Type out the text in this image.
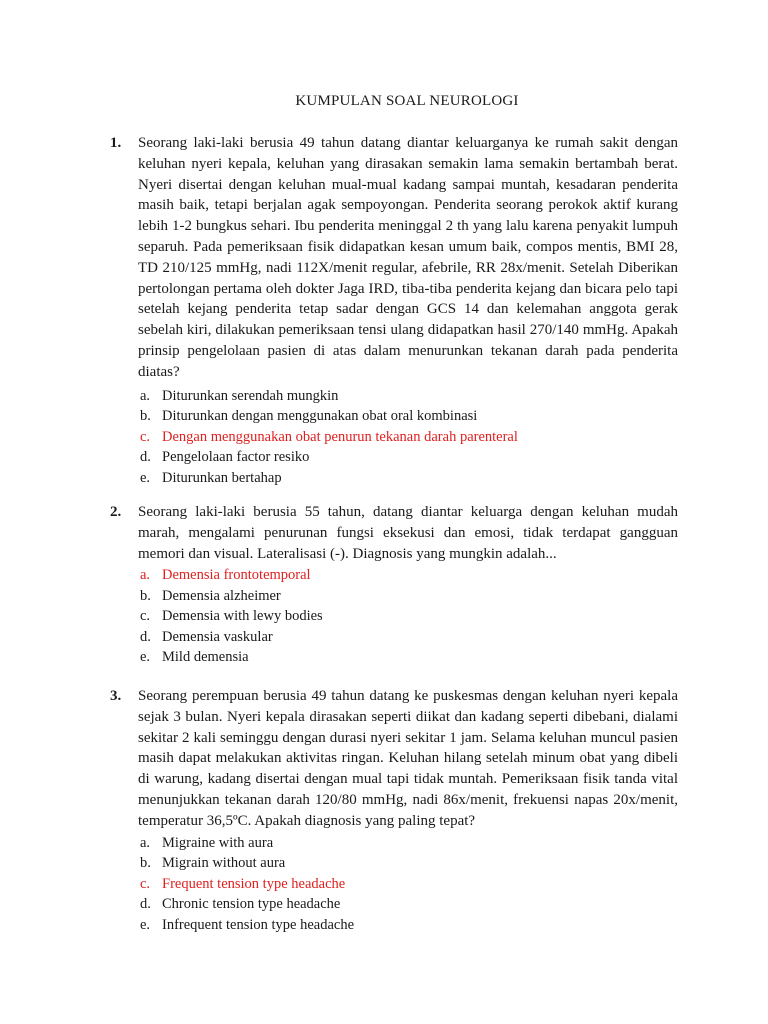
KUMPULAN SOAL NEUROLOGI
1. Seorang laki-laki berusia 49 tahun datang diantar keluarganya ke rumah sakit dengan keluhan nyeri kepala, keluhan yang dirasakan semakin lama semakin bertambah berat. Nyeri disertai dengan keluhan mual-mual kadang sampai muntah, kesadaran penderita masih baik, tetapi berjalan agak sempoyongan. Penderita seorang perokok aktif kurang lebih 1-2 bungkus sehari. Ibu penderita meninggal 2 th yang lalu karena penyakit lumpuh separuh. Pada pemeriksaan fisik didapatkan kesan umum baik, compos mentis, BMI 28, TD 210/125 mmHg, nadi 112X/menit regular, afebrile, RR 28x/menit. Setelah Diberikan pertolongan pertama oleh dokter Jaga IRD, tiba-tiba penderita kejang dan bicara pelo tapi setelah kejang penderita tetap sadar dengan GCS 14 dan kelemahan anggota gerak sebelah kiri, dilakukan pemeriksaan tensi ulang didapatkan hasil 270/140 mmHg. Apakah prinsip pengelolaan pasien di atas dalam menurunkan tekanan darah pada penderita diatas?
a. Diturunkan serendah mungkin
b. Diturunkan dengan menggunakan obat oral kombinasi
c. Dengan menggunakan obat penurun tekanan darah parenteral
d. Pengelolaan factor resiko
e. Diturunkan bertahap
2. Seorang laki-laki berusia 55 tahun, datang diantar keluarga dengan keluhan mudah marah, mengalami penurunan fungsi eksekusi dan emosi, tidak terdapat gangguan memori dan visual. Lateralisasi (-). Diagnosis yang mungkin adalah...
a. Demensia frontotemporal
b. Demensia alzheimer
c. Demensia with lewy bodies
d. Demensia vaskular
e. Mild demensia
3. Seorang perempuan berusia 49 tahun datang ke puskesmas dengan keluhan nyeri kepala sejak 3 bulan. Nyeri kepala dirasakan seperti diikat dan kadang seperti dibebani, dialami sekitar 2 kali seminggu dengan durasi nyeri sekitar 1 jam. Selama keluhan muncul pasien masih dapat melakukan aktivitas ringan. Keluhan hilang setelah minum obat yang dibeli di warung, kadang disertai dengan mual tapi tidak muntah. Pemeriksaan fisik tanda vital menunjukkan tekanan darah 120/80 mmHg, nadi 86x/menit, frekuensi napas 20x/menit, temperatur 36,5ºC. Apakah diagnosis yang paling tepat?
a. Migraine with aura
b. Migrain without aura
c. Frequent tension type headache
d. Chronic tension type headache
e. Infrequent tension type headache
